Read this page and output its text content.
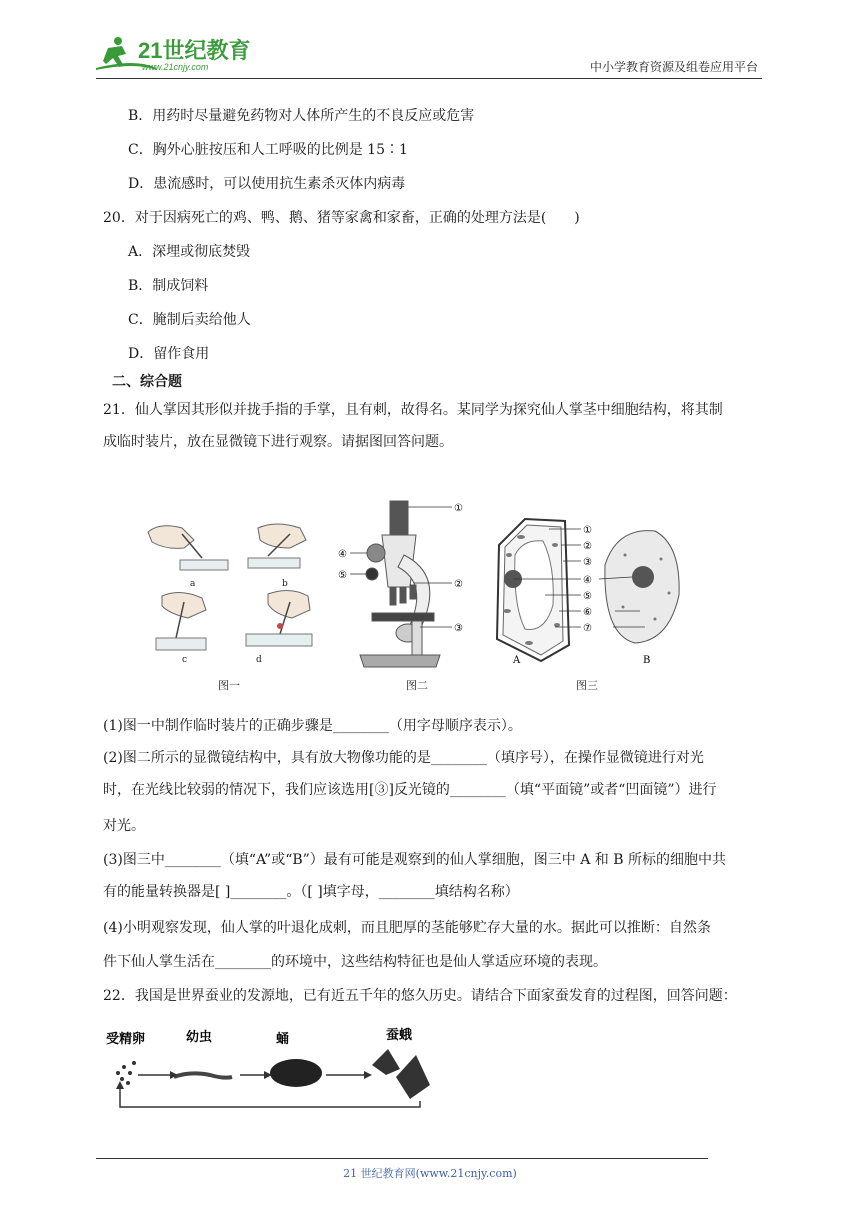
21世纪教育
www.21cnjy.com	中小学教育资源及组卷应用平台
B．用药时尽量避免药物对人体所产生的不良反应或危害
C．胸外心脏按压和人工呼吸的比例是 15∶1
D．患流感时，可以使用抗生素杀灭体内病毒
20．对于因病死亡的鸡、鸭、鹅、猪等家禽和家畜，正确的处理方法是(　　)
A．深埋或彻底焚毁
B．制成饲料
C．腌制后卖给他人
D．留作食用
二、综合题
21．仙人掌因其形似并拢手指的手掌，且有刺，故得名。某同学为探究仙人掌茎中细胞结构，将其制
成临时装片，放在显微镜下进行观察。请据图回答问题。
a	b
c	d
①
②
③
④
⑤
①
②
③
④
⑤
⑥
⑦
A	B
图一	图二	图三
(1)图一中制作临时装片的正确步骤是________（用字母顺序表示）。
(2)图二所示的显微镜结构中，具有放大物像功能的是________（填序号），在操作显微镜进行对光
时，在光线比较弱的情况下，我们应该选用[③]反光镜的________（填“平面镜”或者“凹面镜”）进行
对光。
(3)图三中________（填“A”或“B”）最有可能是观察到的仙人掌细胞，图三中 A 和 B 所标的细胞中共
有的能量转换器是[ ]________。（[ ]填字母，________填结构名称）
(4)小明观察发现，仙人掌的叶退化成刺，而且肥厚的茎能够贮存大量的水。据此可以推断：自然条
件下仙人掌生活在________的环境中，这些结构特征也是仙人掌适应环境的表现。
22．我国是世界蚕业的发源地，已有近五千年的悠久历史。请结合下面家蚕发育的过程图，回答问题：
受精卵	幼虫	蛹	蚕蛾
21 世纪教育网(www.21cnjy.com)
